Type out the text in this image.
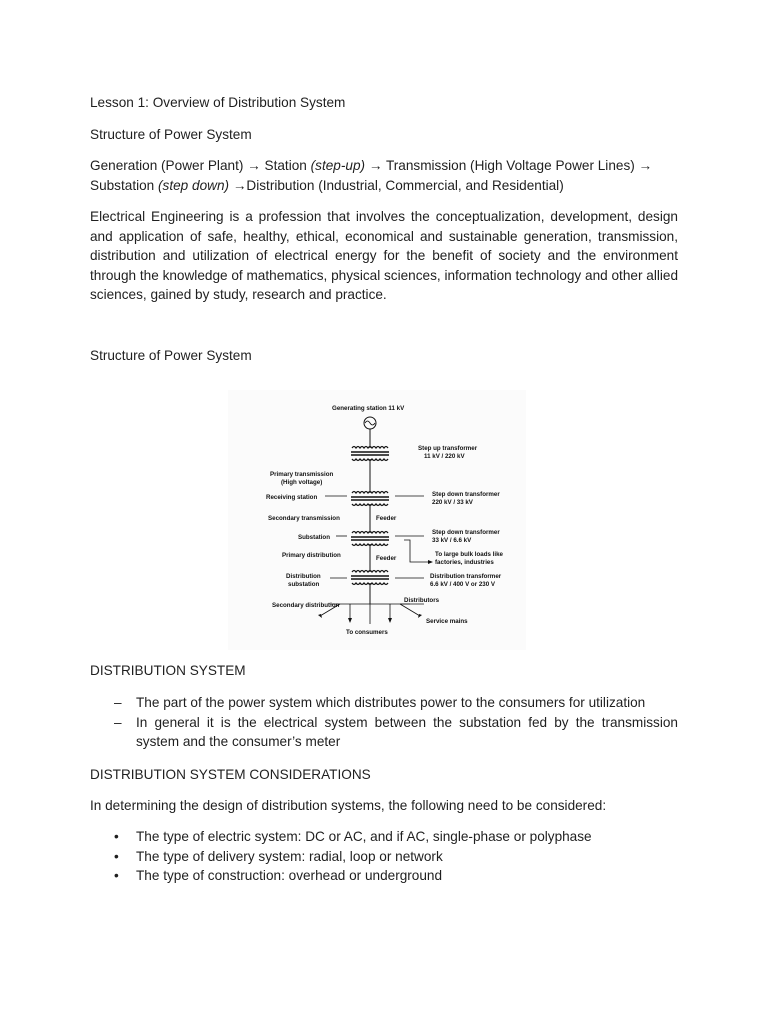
Lesson 1: Overview of Distribution System

Structure of Power System

Generation (Power Plant) → Station (step-up) → Transmission (High Voltage Power Lines) → Substation (step down) →Distribution (Industrial, Commercial, and Residential)

Electrical Engineering is a profession that involves the conceptualization, development, design and application of safe, healthy, ethical, economical and sustainable generation, transmission, distribution and utilization of electrical energy for the benefit of society and the environment through the knowledge of mathematics, physical sciences, information technology and other allied sciences, gained by study, research and practice.

Structure of Power System

Generating station 11 kV
Step up transformer
11 kV / 220 kV
Primary transmission
(High voltage)
Receiving station	Step down transformer
220 kV / 33 kV
Secondary transmission	Feeder
Substation
Step down transformer
33 kV / 6.6 kV
Primary distribution	Feeder
To large bulk loads like
factories, industries
Distribution
substation
Distribution transformer
6.6 kV / 400 V or 230 V
Secondary distribution
Distributors
Service mains
To consumers

DISTRIBUTION SYSTEM

– The part of the power system which distributes power to the consumers for utilization
– In general it is the electrical system between the substation fed by the transmission system and the consumer’s meter

DISTRIBUTION SYSTEM CONSIDERATIONS

In determining the design of distribution systems, the following need to be considered:

• The type of electric system: DC or AC, and if AC, single-phase or polyphase
• The type of delivery system: radial, loop or network
• The type of construction: overhead or underground
